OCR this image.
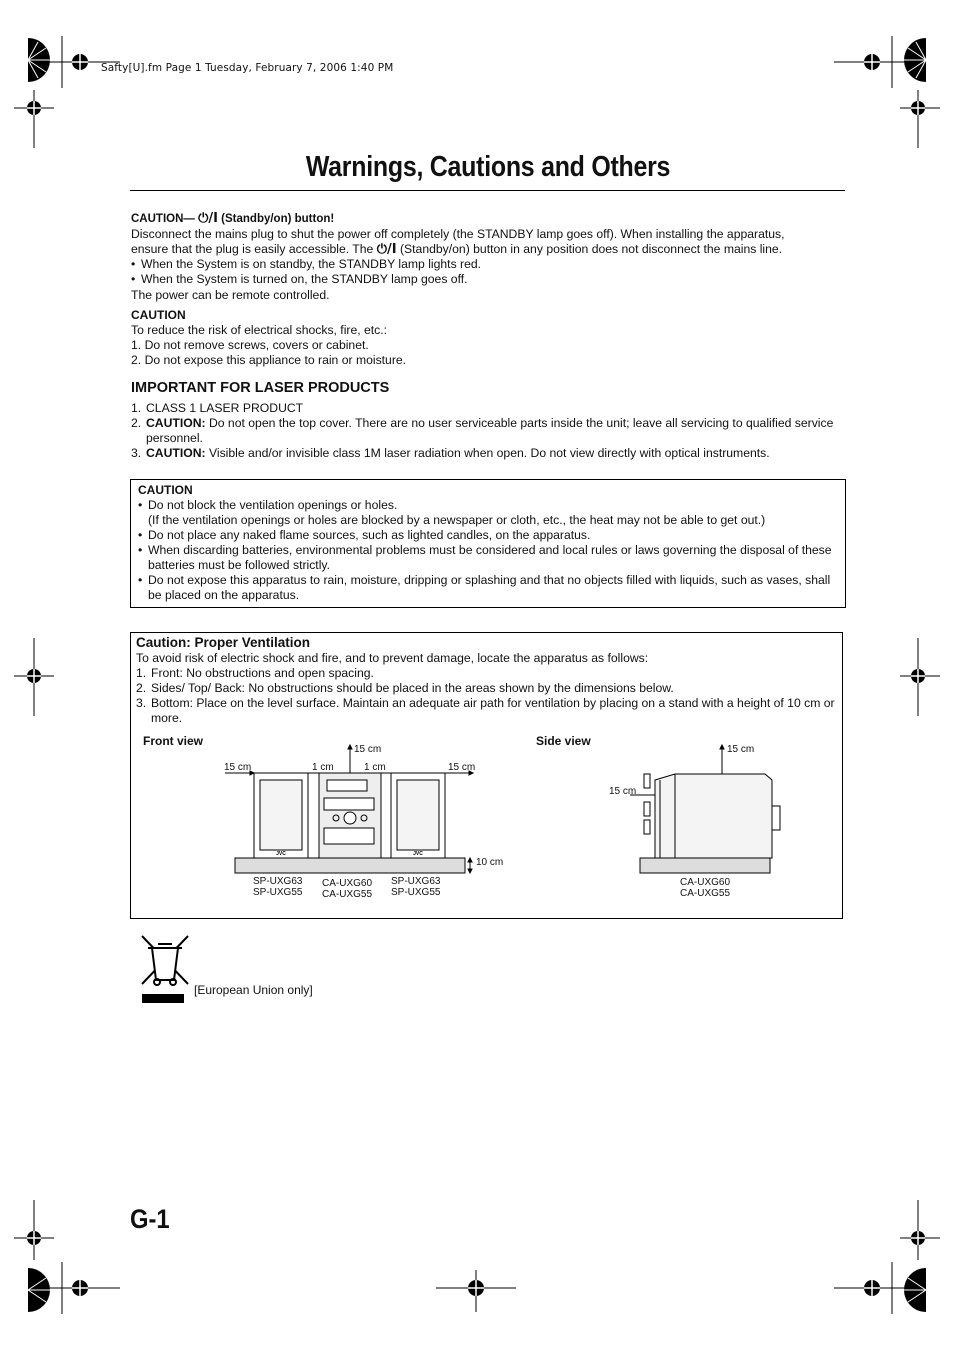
Safty[U].fm Page 1 Tuesday, February 7, 2006 1:40 PM
Warnings, Cautions and Others
CAUTION— ⏻/I (Standby/on) button!
Disconnect the mains plug to shut the power off completely (the STANDBY lamp goes off). When installing the apparatus,
ensure that the plug is easily accessible. The ⏻/I (Standby/on) button in any position does not disconnect the mains line.
• When the System is on standby, the STANDBY lamp lights red.
• When the System is turned on, the STANDBY lamp goes off.
The power can be remote controlled.
CAUTION
To reduce the risk of electrical shocks, fire, etc.:
1. Do not remove screws, covers or cabinet.
2. Do not expose this appliance to rain or moisture.
IMPORTANT FOR LASER PRODUCTS
1. CLASS 1 LASER PRODUCT
2. CAUTION: Do not open the top cover. There are no user serviceable parts inside the unit; leave all servicing to qualified service personnel.
3. CAUTION: Visible and/or invisible class 1M laser radiation when open. Do not view directly with optical instruments.
CAUTION
• Do not block the ventilation openings or holes.
(If the ventilation openings or holes are blocked by a newspaper or cloth, etc., the heat may not be able to get out.)
• Do not place any naked flame sources, such as lighted candles, on the apparatus.
• When discarding batteries, environmental problems must be considered and local rules or laws governing the disposal of these batteries must be followed strictly.
• Do not expose this apparatus to rain, moisture, dripping or splashing and that no objects filled with liquids, such as vases, shall be placed on the apparatus.
Caution: Proper Ventilation
To avoid risk of electric shock and fire, and to prevent damage, locate the apparatus as follows:
1. Front: No obstructions and open spacing.
2. Sides/ Top/ Back: No obstructions should be placed in the areas shown by the dimensions below.
3. Bottom: Place on the level surface. Maintain an adequate air path for ventilation by placing on a stand with a height of 10 cm or more.
Front view	Side view
JVC	JVC
15 cm
15 cm
1 cm	1 cm	15 cm
10 cm
SP-UXG63
SP-UXG55
CA-UXG60
CA-UXG55
SP-UXG63
SP-UXG55
15 cm
15 cm
CA-UXG60
CA-UXG55
[European Union only]
G-1
